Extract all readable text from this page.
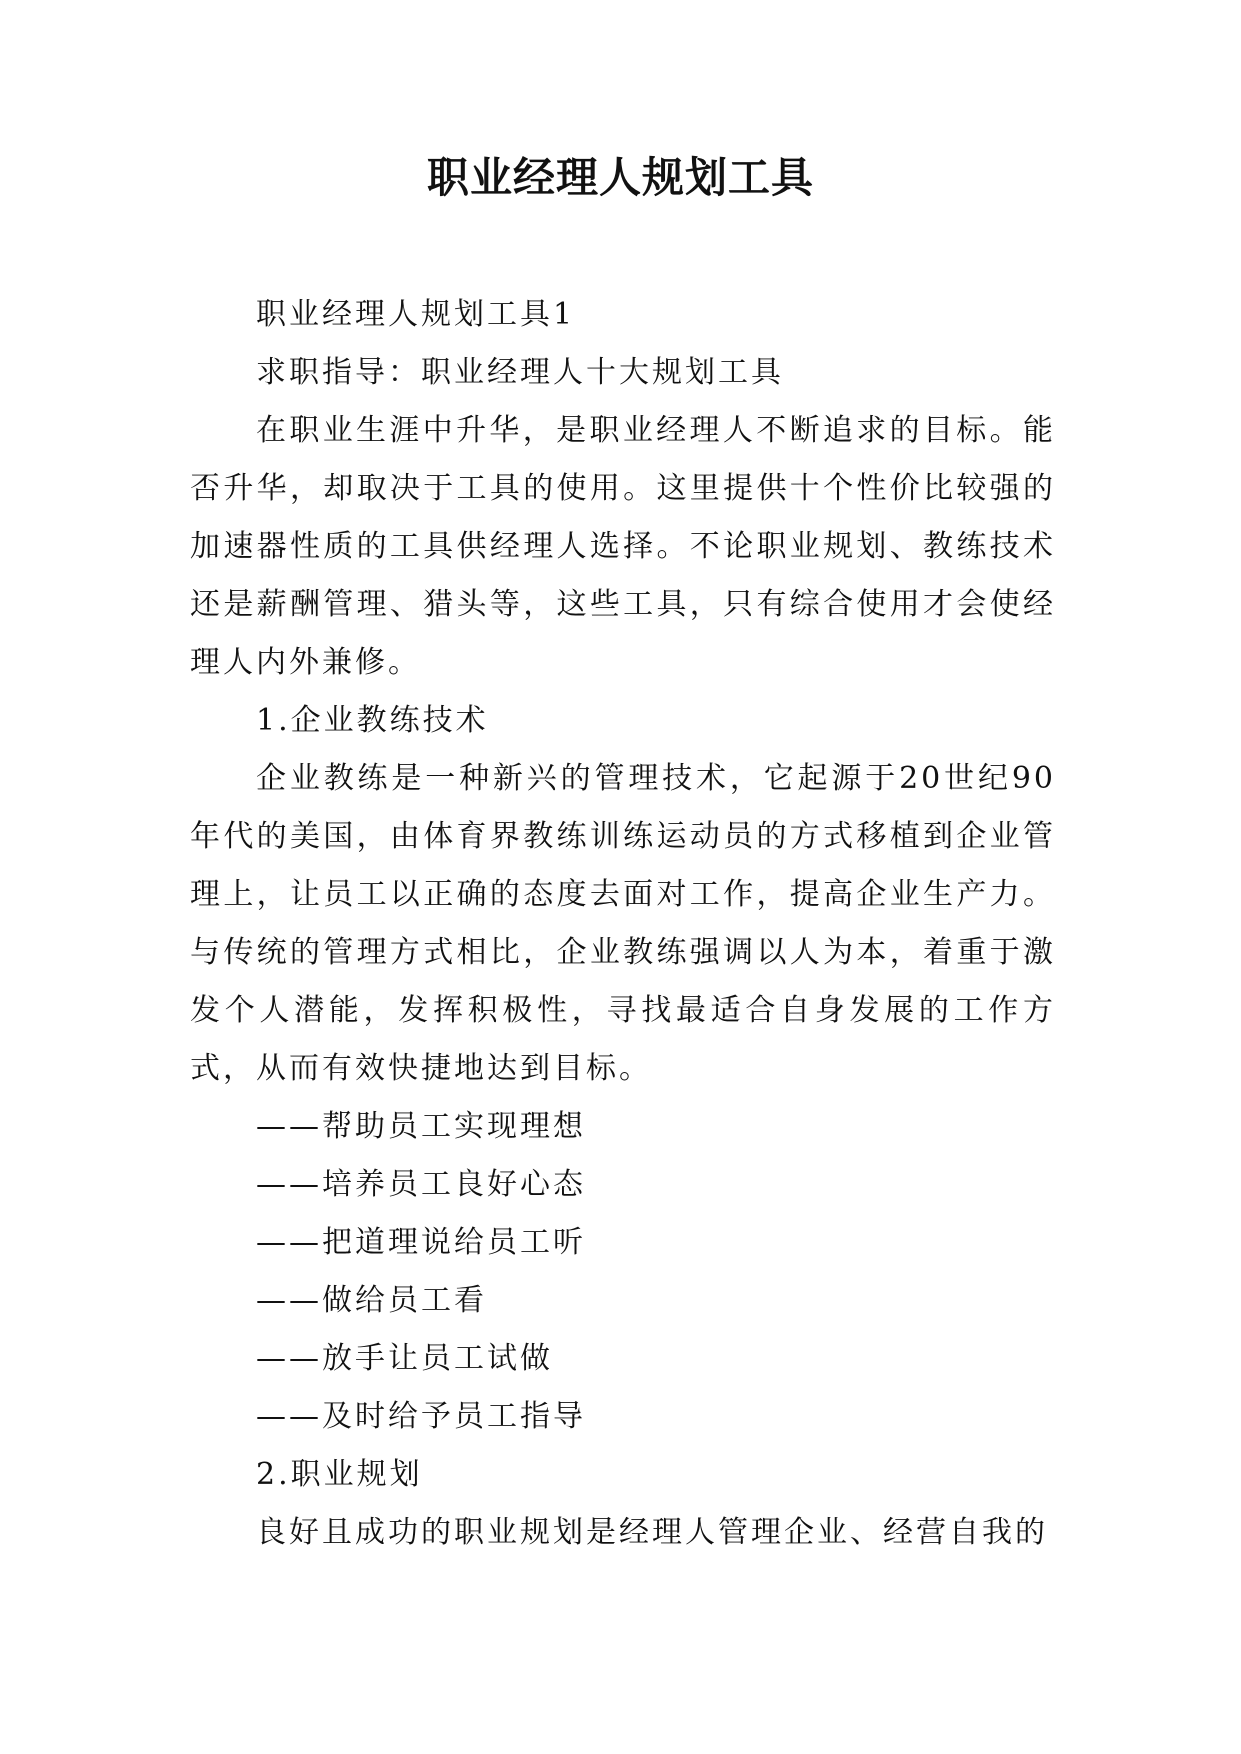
职业经理人规划工具

职业经理人规划工具1

求职指导：职业经理人十大规划工具

在职业生涯中升华，是职业经理人不断追求的目标。能否升华，却取决于工具的使用。这里提供十个性价比较强的加速器性质的工具供经理人选择。不论职业规划、教练技术还是薪酬管理、猎头等，这些工具，只有综合使用才会使经理人内外兼修。

1.企业教练技术

企业教练是一种新兴的管理技术，它起源于20世纪90年代的美国，由体育界教练训练运动员的方式移植到企业管理上，让员工以正确的态度去面对工作，提高企业生产力。与传统的管理方式相比，企业教练强调以人为本，着重于激发个人潜能，发挥积极性，寻找最适合自身发展的工作方式，从而有效快捷地达到目标。

——帮助员工实现理想

——培养员工良好心态

——把道理说给员工听

——做给员工看

——放手让员工试做

——及时给予员工指导

2.职业规划

良好且成功的职业规划是经理人管理企业、经营自我的
